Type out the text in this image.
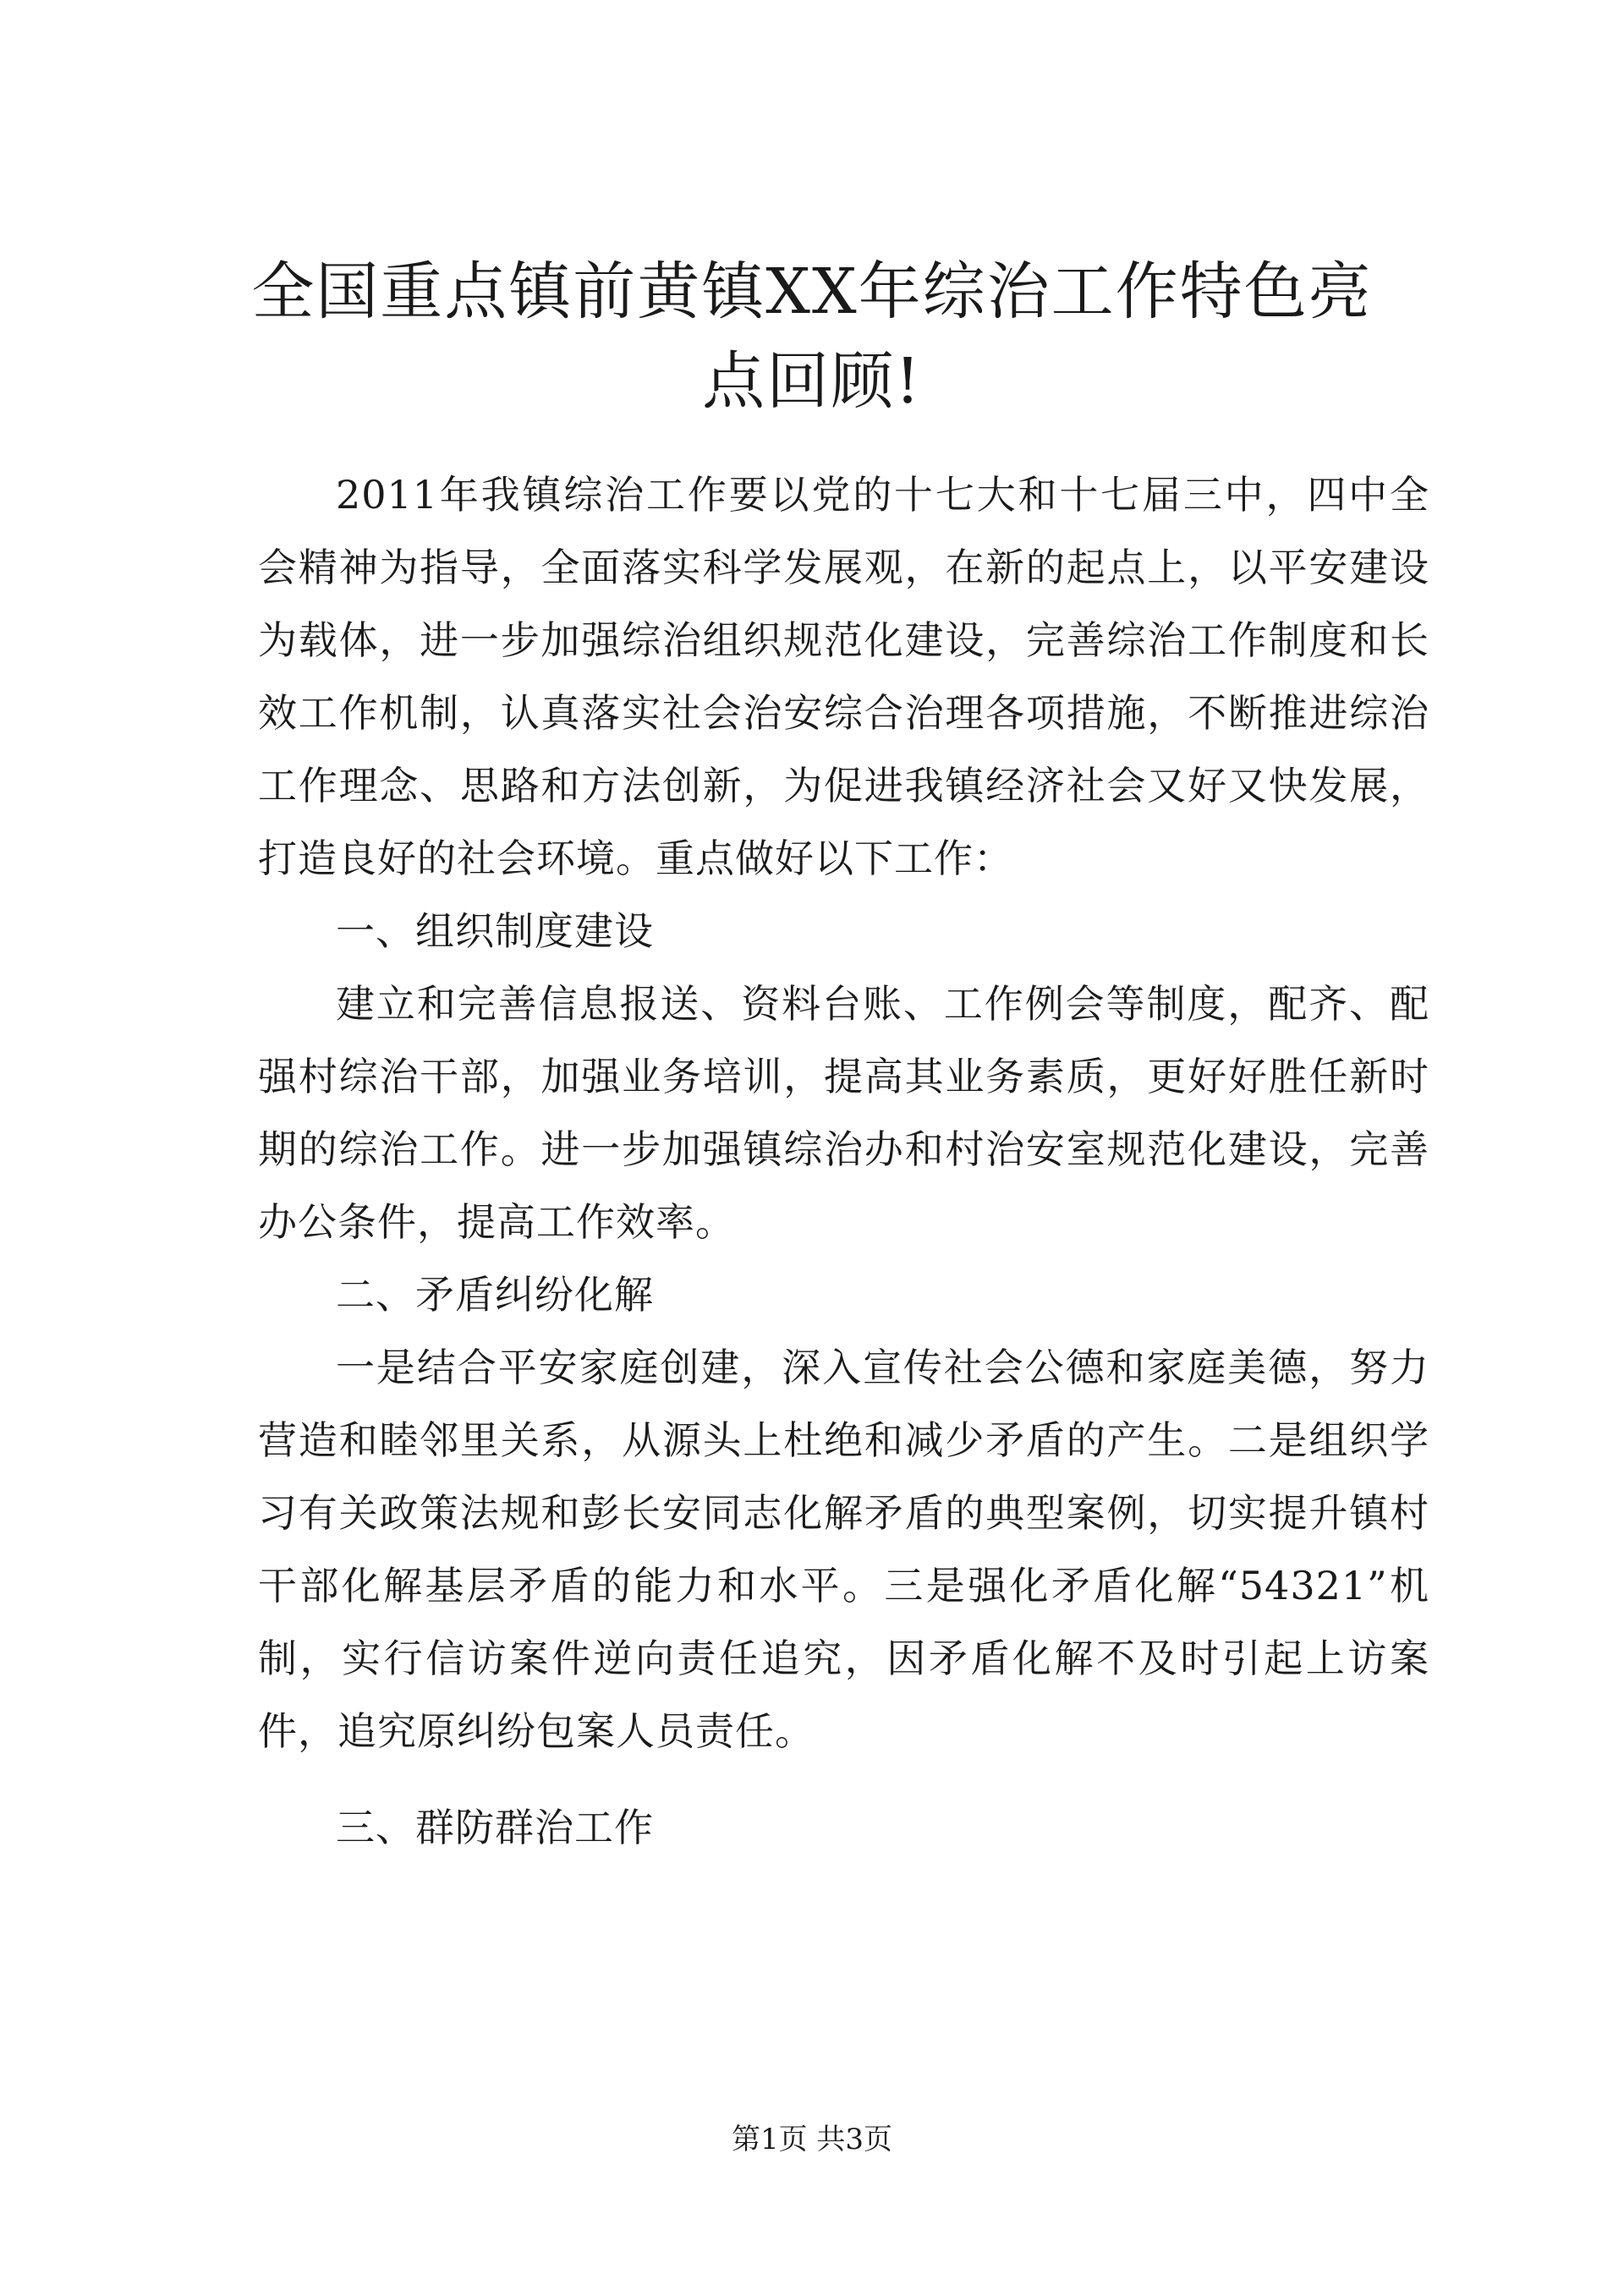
全国重点镇前黄镇XX年综治工作特色亮点回顾!

2011年我镇综治工作要以党的十七大和十七届三中，四中全会精神为指导，全面落实科学发展观，在新的起点上，以平安建设为载体，进一步加强综治组织规范化建设，完善综治工作制度和长效工作机制，认真落实社会治安综合治理各项措施，不断推进综治工作理念、思路和方法创新，为促进我镇经济社会又好又快发展，打造良好的社会环境。重点做好以下工作：

一、组织制度建设

建立和完善信息报送、资料台账、工作例会等制度，配齐、配强村综治干部，加强业务培训，提高其业务素质，更好好胜任新时期的综治工作。进一步加强镇综治办和村治安室规范化建设，完善办公条件，提高工作效率。

二、矛盾纠纷化解

一是结合平安家庭创建，深入宣传社会公德和家庭美德，努力营造和睦邻里关系，从源头上杜绝和减少矛盾的产生。二是组织学习有关政策法规和彭长安同志化解矛盾的典型案例，切实提升镇村干部化解基层矛盾的能力和水平。三是强化矛盾化解“54321”机制，实行信访案件逆向责任追究，因矛盾化解不及时引起上访案件，追究原纠纷包案人员责任。

三、群防群治工作

第1页 共3页
